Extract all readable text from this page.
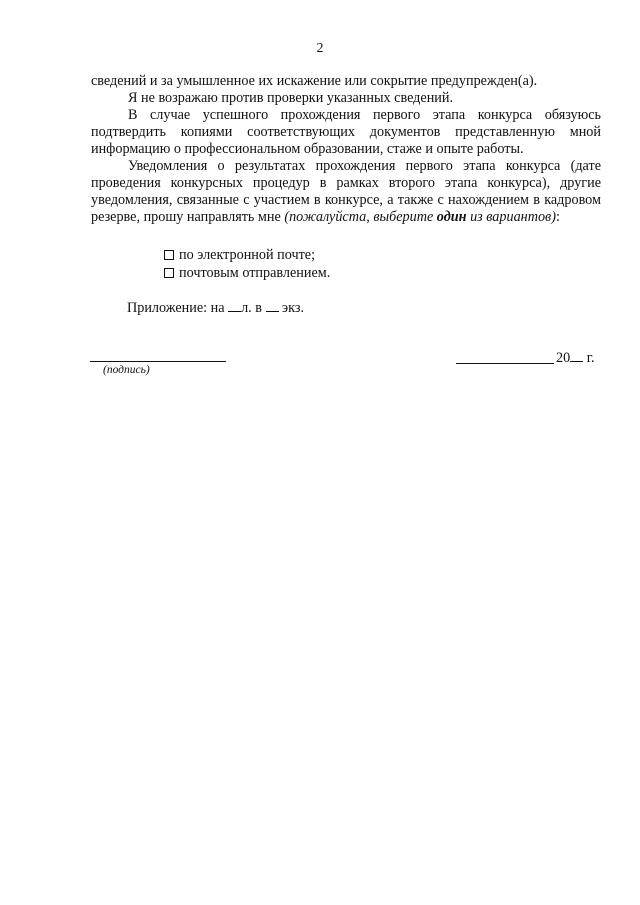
2

сведений и за умышленное их искажение или сокрытие предупрежден(а).

Я не возражаю против проверки указанных сведений.

В случае успешного прохождения первого этапа конкурса обязуюсь подтвердить копиями соответствующих документов представленную мной информацию о профессиональном образовании, стаже и опыте работы.

Уведомления о результатах прохождения первого этапа конкурса (дате проведения конкурсных процедур в рамках второго этапа конкурса), другие уведомления, связанные с участием в конкурсе, а также с нахождением в кадровом резерве, прошу направлять мне (пожалуйста, выберите один из вариантов):

по электронной почте;
почтовым отправлением.
Приложение: на л. в  экз.
(подпись)
20 г.
